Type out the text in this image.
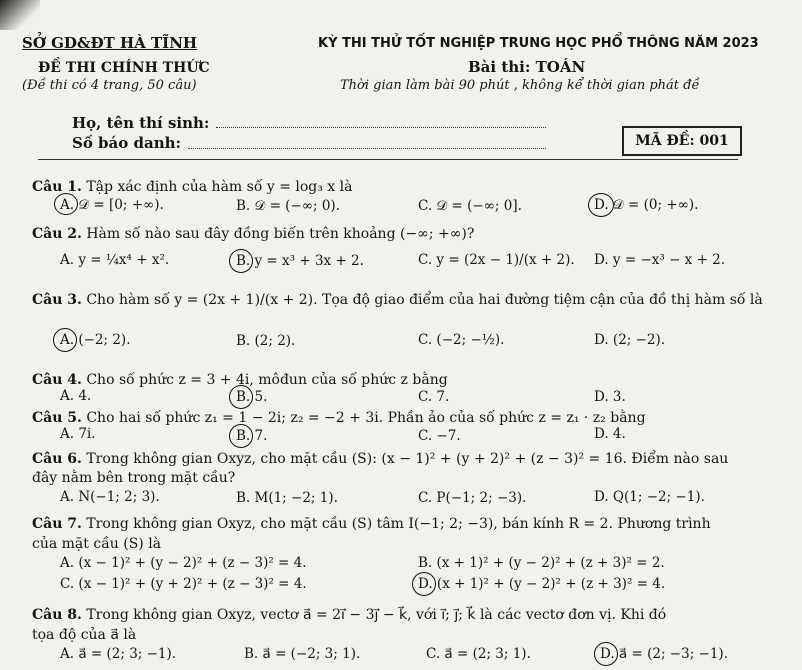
SỞ GD&ĐT HÀ TĨNH
ĐỀ THI CHÍNH THỨC
(Đề thi có 4 trang, 50 câu)
KỲ THI THỬ TỐT NGHIỆP TRUNG HỌC PHỔ THÔNG NĂM 2023
Bài thi: TOÁN
Thời gian làm bài 90 phút , không kể thời gian phát đề
Họ, tên thí sinh:
Số báo danh:	MÃ ĐỀ: 001
Câu 1. Tập xác định của hàm số y = log₃ x là
A. 𝒟 = [0; +∞).	B. 𝒟 = (−∞; 0).	C. 𝒟 = (−∞; 0].	D. 𝒟 = (0; +∞).
Câu 2. Hàm số nào sau đây đồng biến trên khoảng (−∞; +∞)?
A. y = ¼x⁴ + x².	B. y = x³ + 3x + 2.	C. y = (2x − 1)/(x + 2). D. y = −x³ − x + 2.
Câu 3. Cho hàm số y = (2x + 1)/(x + 2). Tọa độ giao điểm của hai đường tiệm cận của đồ thị hàm số là
A. (−2; 2).	B. (2; 2).	C. (−2; −½).	D. (2; −2).
Câu 4. Cho số phức z = 3 + 4i, môđun của số phức z bằng
A. 4.	B. 5.	C. 7.	D. 3.
Câu 5. Cho hai số phức z₁ = 1 − 2i; z₂ = −2 + 3i. Phần ảo của số phức z = z₁ · z₂ bằng
A. 7i.	B. 7.	C. −7.	D. 4.
Câu 6. Trong không gian Oxyz, cho mặt cầu (S): (x − 1)² + (y + 2)² + (z − 3)² = 16. Điểm nào sau
đây nằm bên trong mặt cầu?
A. N(−1; 2; 3).	B. M(1; −2; 1).	C. P(−1; 2; −3).	D. Q(1; −2; −1).
Câu 7. Trong không gian Oxyz, cho mặt cầu (S) tâm I(−1; 2; −3), bán kính R = 2. Phương trình
của mặt cầu (S) là
A. (x − 1)² + (y − 2)² + (z − 3)² = 4.	B. (x + 1)² + (y − 2)² + (z + 3)² = 2.
C. (x − 1)² + (y + 2)² + (z − 3)² = 4.	D. (x + 1)² + (y − 2)² + (z + 3)² = 4.
Câu 8. Trong không gian Oxyz, vectơ a⃗ = 2i⃗ − 3j⃗ − k⃗, với i⃗; j⃗; k⃗ là các vectơ đơn vị. Khi đó
tọa độ của a⃗ là
A. a⃗ = (2; 3; −1).	B. a⃗ = (−2; 3; 1).	C. a⃗ = (2; 3; 1).	D. a⃗ = (2; −3; −1).
